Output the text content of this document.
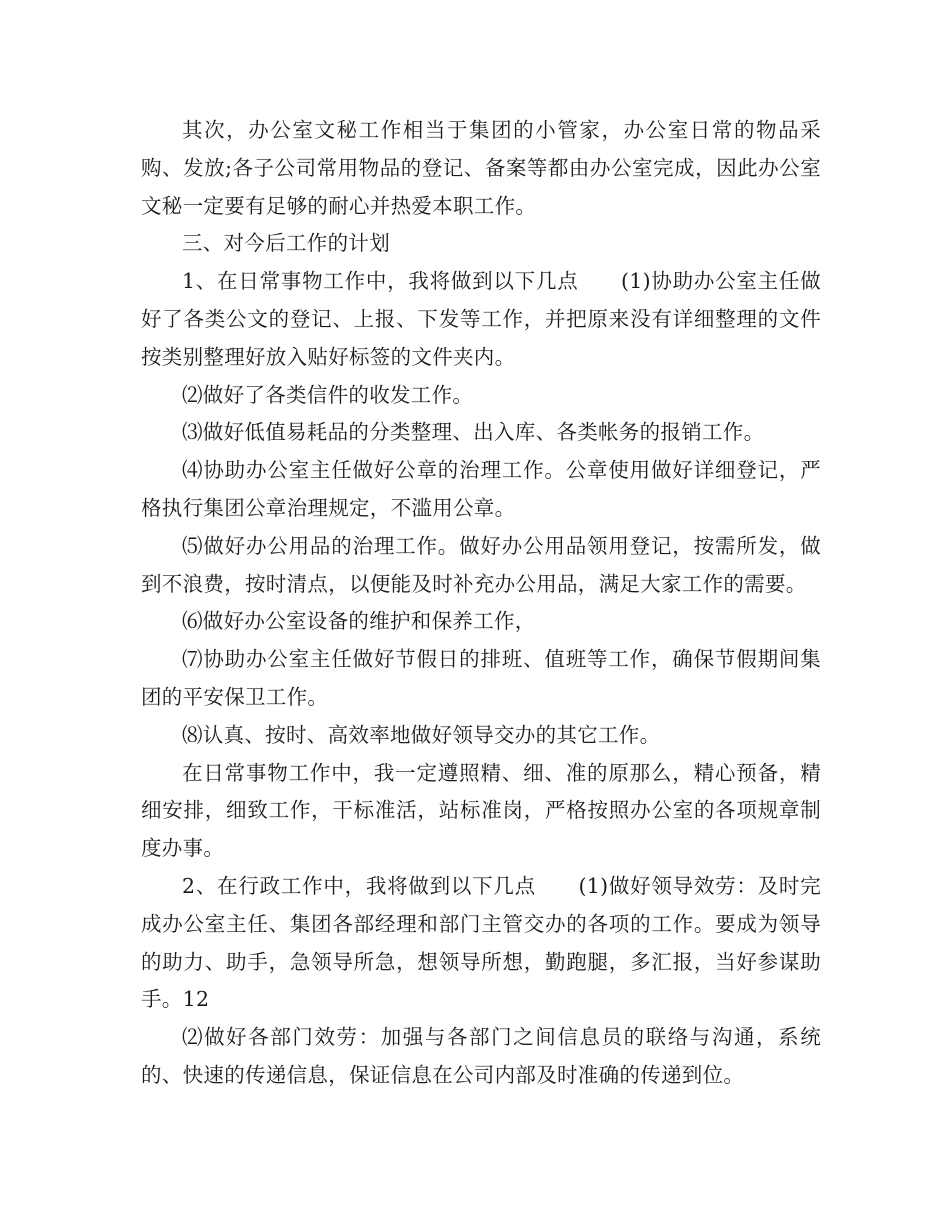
其次，办公室文秘工作相当于集团的小管家，办公室日常的物品采购、发放;各子公司常用物品的登记、备案等都由办公室完成，因此办公室文秘一定要有足够的耐心并热爱本职工作。

三、对今后工作的计划

1、在日常事物工作中，我将做到以下几点　　(1)协助办公室主任做好了各类公文的登记、上报、下发等工作，并把原来没有详细整理的文件按类别整理好放入贴好标签的文件夹内。

⑵做好了各类信件的收发工作。

⑶做好低值易耗品的分类整理、出入库、各类帐务的报销工作。

⑷协助办公室主任做好公章的治理工作。公章使用做好详细登记，严格执行集团公章治理规定，不滥用公章。

⑸做好办公用品的治理工作。做好办公用品领用登记，按需所发，做到不浪费，按时清点，以便能及时补充办公用品，满足大家工作的需要。

⑹做好办公室设备的维护和保养工作，

⑺协助办公室主任做好节假日的排班、值班等工作，确保节假期间集团的平安保卫工作。

⑻认真、按时、高效率地做好领导交办的其它工作。

在日常事物工作中，我一定遵照精、细、准的原那么，精心预备，精细安排，细致工作，干标准活，站标准岗，严格按照办公室的各项规章制度办事。

2、在行政工作中，我将做到以下几点　　(1)做好领导效劳：及时完成办公室主任、集团各部经理和部门主管交办的各项的工作。要成为领导的助力、助手，急领导所急，想领导所想，勤跑腿，多汇报，当好参谋助手。12

⑵做好各部门效劳：加强与各部门之间信息员的联络与沟通，系统的、快速的传递信息，保证信息在公司内部及时准确的传递到位。
